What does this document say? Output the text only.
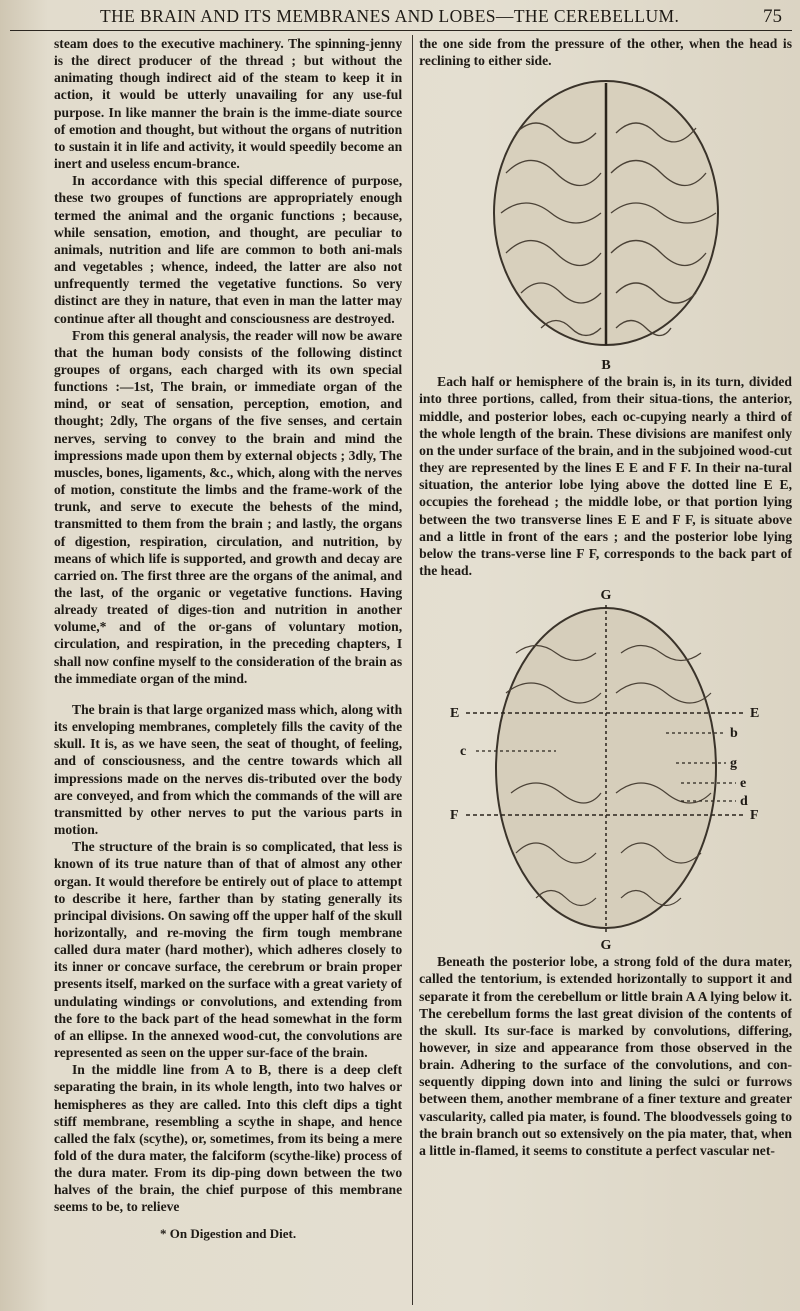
THE BRAIN AND ITS MEMBRANES AND LOBES—THE CEREBELLUM.	75

steam does to the executive machinery. The spinning-jenny is the direct producer of the thread ; but without the animating though indirect aid of the steam to keep it in action, it would be utterly unavailing for any use-ful purpose. In like manner the brain is the imme-diate source of emotion and thought, but without the organs of nutrition to sustain it in life and activity, it would speedily become an inert and useless encum-brance.

In accordance with this special difference of purpose, these two groupes of functions are appropriately enough termed the animal and the organic functions ; because, while sensation, emotion, and thought, are peculiar to animals, nutrition and life are common to both ani-mals and vegetables ; whence, indeed, the latter are also not unfrequently termed the vegetative functions. So very distinct are they in nature, that even in man the latter may continue after all thought and consciousness are destroyed.

From this general analysis, the reader will now be aware that the human body consists of the following distinct groupes of organs, each charged with its own special functions :—1st, The brain, or immediate organ of the mind, or seat of sensation, perception, emotion, and thought; 2dly, The organs of the five senses, and certain nerves, serving to convey to the brain and mind the impressions made upon them by external objects ; 3dly, The muscles, bones, ligaments, &c., which, along with the nerves of motion, constitute the limbs and the frame-work of the trunk, and serve to execute the behests of the mind, transmitted to them from the brain ; and lastly, the organs of digestion, respiration, circulation, and nutrition, by means of which life is supported, and growth and decay are carried on. The first three are the organs of the animal, and the last, of the organic or vegetative functions. Having already treated of diges-tion and nutrition in another volume,* and of the or-gans of voluntary motion, circulation, and respiration, in the preceding chapters, I shall now confine myself to the consideration of the brain as the immediate organ of the mind.

The brain is that large organized mass which, along with its enveloping membranes, completely fills the cavity of the skull. It is, as we have seen, the seat of thought, of feeling, and of consciousness, and the centre towards which all impressions made on the nerves dis-tributed over the body are conveyed, and from which the commands of the will are transmitted by other nerves to put the various parts in motion.

The structure of the brain is so complicated, that less is known of its true nature than of that of almost any other organ. It would therefore be entirely out of place to attempt to describe it here, farther than by stating generally its principal divisions. On sawing off the upper half of the skull horizontally, and re-moving the firm tough membrane called dura mater (hard mother), which adheres closely to its inner or concave surface, the cerebrum or brain proper presents itself, marked on the surface with a great variety of undulating windings or convolutions, and extending from the fore to the back part of the head somewhat in the form of an ellipse. In the annexed wood-cut, the convolutions are represented as seen on the upper sur-face of the brain.

In the middle line from A to B, there is a deep cleft separating the brain, in its whole length, into two halves or hemispheres as they are called. Into this cleft dips a tight stiff membrane, resembling a scythe in shape, and hence called the falx (scythe), or, sometimes, from its being a mere fold of the dura mater, the falciform (scythe-like) process of the dura mater. From its dip-ping down between the two halves of the brain, the chief purpose of this membrane seems to be, to relieve

* On Digestion and Diet.

the one side from the pressure of the other, when the head is reclining to either side.

B

Each half or hemisphere of the brain is, in its turn, divided into three portions, called, from their situa-tions, the anterior, middle, and posterior lobes, each oc-cupying nearly a third of the whole length of the brain. These divisions are manifest only on the under surface of the brain, and in the subjoined wood-cut they are represented by the lines E E and F F. In their na-tural situation, the anterior lobe lying above the dotted line E E, occupies the forehead ; the middle lobe, or that portion lying between the two transverse lines E E and F F, is situate above and a little in front of the ears ; and the posterior lobe lying below the trans-verse line F F, corresponds to the back part of the head.

G
G
E	E
b
g
c
e
d
F	F

Beneath the posterior lobe, a strong fold of the dura mater, called the tentorium, is extended horizontally to support it and separate it from the cerebellum or little brain A A lying below it. The cerebellum forms the last great division of the contents of the skull. Its sur-face is marked by convolutions, differing, however, in size and appearance from those observed in the brain. Adhering to the surface of the convolutions, and con-sequently dipping down into and lining the sulci or furrows between them, another membrane of a finer texture and greater vascularity, called pia mater, is found. The bloodvessels going to the brain branch out so extensively on the pia mater, that, when a little in-flamed, it seems to constitute a perfect vascular net-
